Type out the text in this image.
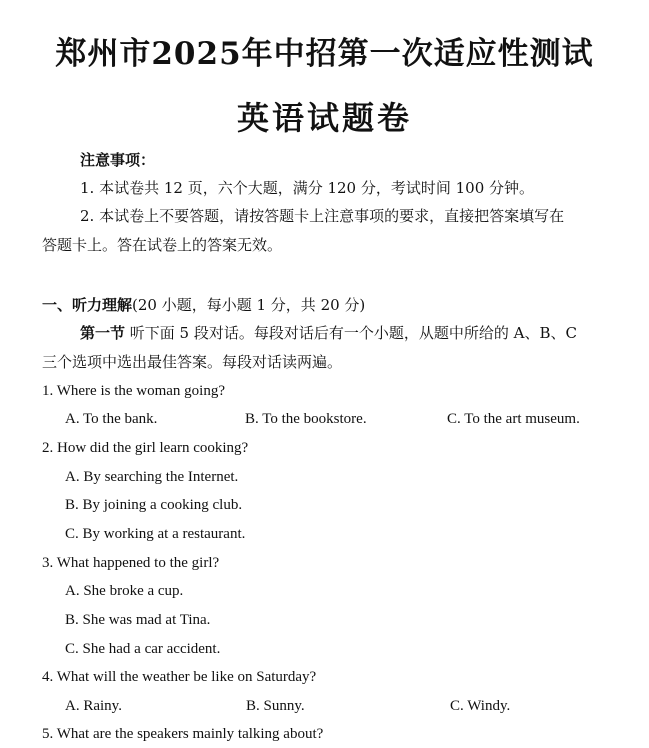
郑州市2025年中招第一次适应性测试
英语试题卷
注意事项：
1. 本试卷共 12 页，六个大题，满分 120 分，考试时间 100 分钟。
2. 本试卷上不要答题，请按答题卡上注意事项的要求，直接把答案填写在
答题卡上。答在试卷上的答案无效。
一、听力理解(20 小题，每小题 1 分，共 20 分)
第一节 听下面 5 段对话。每段对话后有一个小题，从题中所给的 A、B、C
三个选项中选出最佳答案。每段对话读两遍。
1. Where is the woman going?
A. To the bank.	B. To the bookstore.	C. To the art museum.
2. How did the girl learn cooking?
A. By searching the Internet.
B. By joining a cooking club.
C. By working at a restaurant.
3. What happened to the girl?
A. She broke a cup.
B. She was mad at Tina.
C. She had a car accident.
4. What will the weather be like on Saturday?
A. Rainy.	B. Sunny.	C. Windy.
5. What are the speakers mainly talking about?
